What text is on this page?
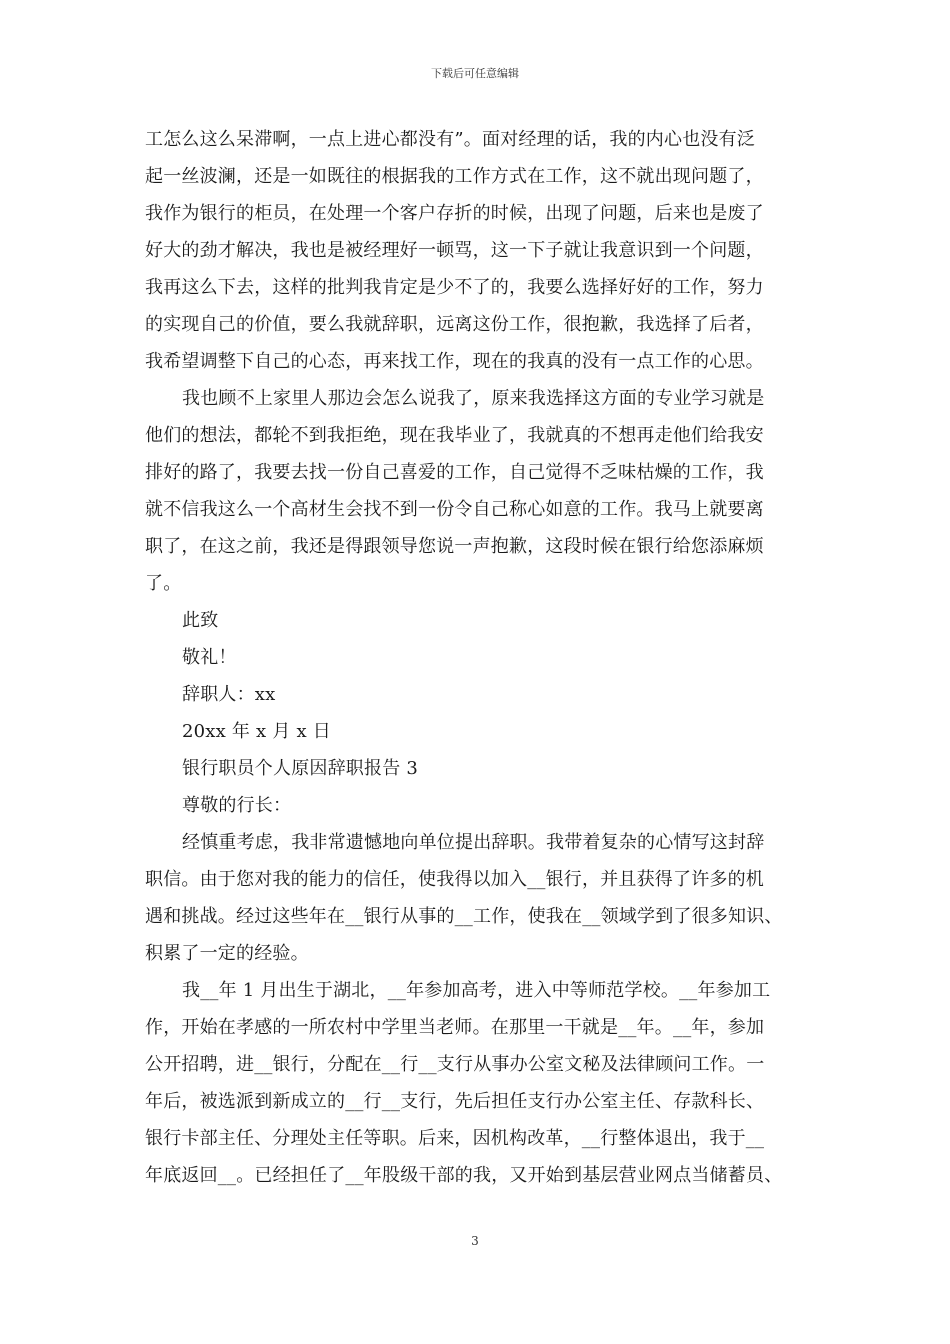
下载后可任意编辑

工怎么这么呆滞啊，一点上进心都没有”。面对经理的话，我的内心也没有泛

起一丝波澜，还是一如既往的根据我的工作方式在工作，这不就出现问题了，

我作为银行的柜员，在处理一个客户存折的时候，出现了问题，后来也是废了

好大的劲才解决，我也是被经理好一顿骂，这一下子就让我意识到一个问题，

我再这么下去，这样的批判我肯定是少不了的，我要么选择好好的工作，努力

的实现自己的价值，要么我就辞职，远离这份工作，很抱歉，我选择了后者，

我希望调整下自己的心态，再来找工作，现在的我真的没有一点工作的心思。

我也顾不上家里人那边会怎么说我了，原来我选择这方面的专业学习就是

他们的想法，都轮不到我拒绝，现在我毕业了，我就真的不想再走他们给我安

排好的路了，我要去找一份自己喜爱的工作，自己觉得不乏味枯燥的工作，我

就不信我这么一个高材生会找不到一份令自己称心如意的工作。我马上就要离

职了，在这之前，我还是得跟领导您说一声抱歉，这段时候在银行给您添麻烦

了。

此致

敬礼！

辞职人：xx

20xx 年 x 月 x 日

银行职员个人原因辞职报告 3

尊敬的行长：

经慎重考虑，我非常遗憾地向单位提出辞职。我带着复杂的心情写这封辞

职信。由于您对我的能力的信任，使我得以加入__银行，并且获得了许多的机

遇和挑战。经过这些年在__银行从事的__工作，使我在__领域学到了很多知识、

积累了一定的经验。

我__年 1 月出生于湖北，__年参加高考，进入中等师范学校。__年参加工

作，开始在孝感的一所农村中学里当老师。在那里一干就是__年。__年，参加

公开招聘，进__银行，分配在__行__支行从事办公室文秘及法律顾问工作。一

年后，被选派到新成立的__行__支行，先后担任支行办公室主任、存款科长、

银行卡部主任、分理处主任等职。后来，因机构改革，__行整体退出，我于__

年底返回__。已经担任了__年股级干部的我，又开始到基层营业网点当储蓄员、

3
